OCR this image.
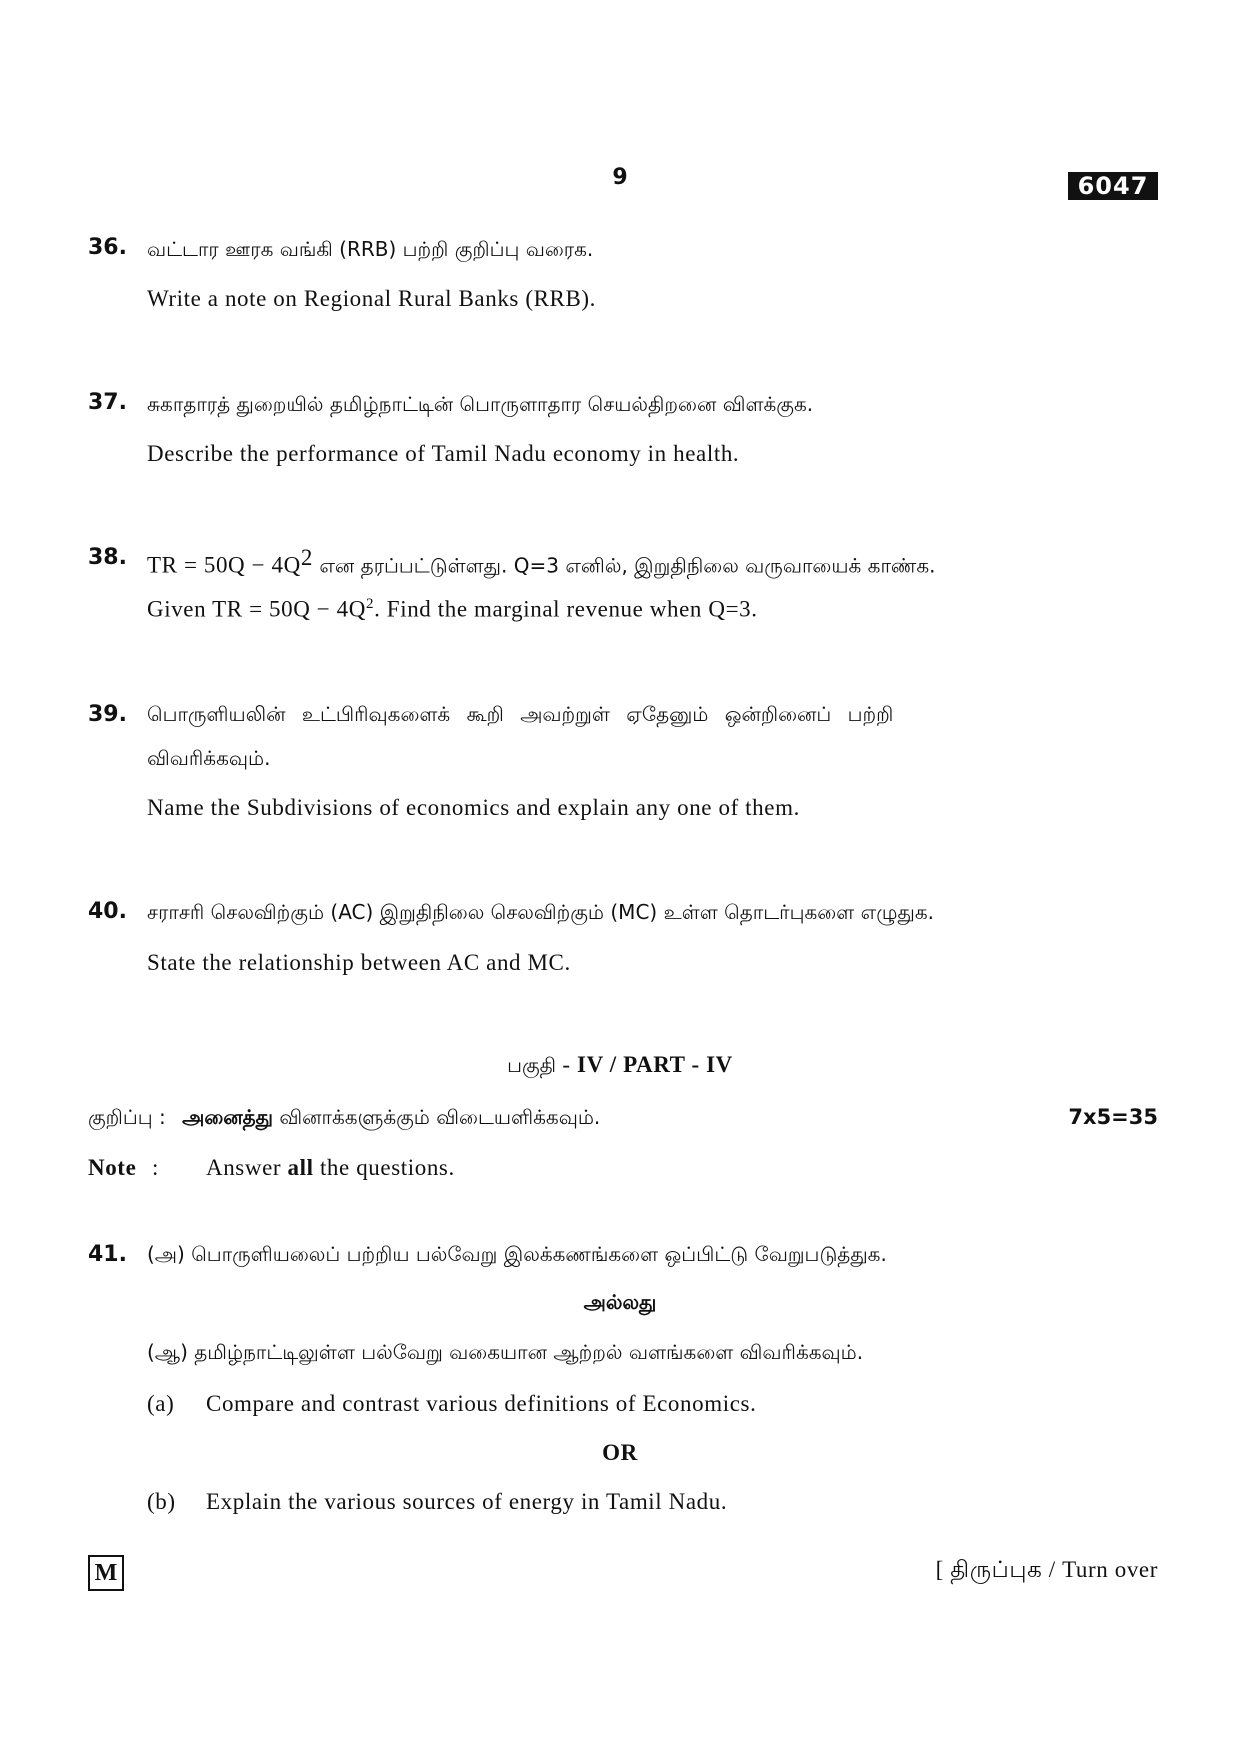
9	6047
36. வட்டார ஊரக வங்கி (RRB) பற்றி குறிப்பு வரைக.
Write a note on Regional Rural Banks (RRB).
37. சுகாதாரத் துறையில் தமிழ்நாட்டின் பொருளாதார செயல்திறனை விளக்குக.
Describe the performance of Tamil Nadu economy in health.
38. TR = $50Q - 4Q^2$ என தரப்பட்டுள்ளது. Q=3 எனில், இறுதிநிலை வருவாயைக் காண்க.
Given TR = $50Q - 4Q^2$. Find the marginal revenue when Q=3.
39. பொருளியலின் உட்பிரிவுகளைக் கூறி அவற்றுள் ஏதேனும் ஒன்றினைப் பற்றி
விவரிக்கவும்.
Name the Subdivisions of economics and explain any one of them.
40. சராசரி செலவிற்கும் (AC) இறுதிநிலை செலவிற்கும் (MC) உள்ள தொடர்புகளை எழுதுக.
State the relationship between AC and MC.
பகுதி - IV / PART - IV
குறிப்பு : அனைத்து வினாக்களுக்கும் விடையளிக்கவும்.	7x5=35
Note : Answer all the questions.
41. (அ) பொருளியலைப் பற்றிய பல்வேறு இலக்கணங்களை ஒப்பிட்டு வேறுபடுத்துக.
அல்லது
(ஆ) தமிழ்நாட்டிலுள்ள பல்வேறு வகையான ஆற்றல் வளங்களை விவரிக்கவும்.
(a) Compare and contrast various definitions of Economics.
OR
(b) Explain the various sources of energy in Tamil Nadu.
M	[ திருப்புக / Turn over
